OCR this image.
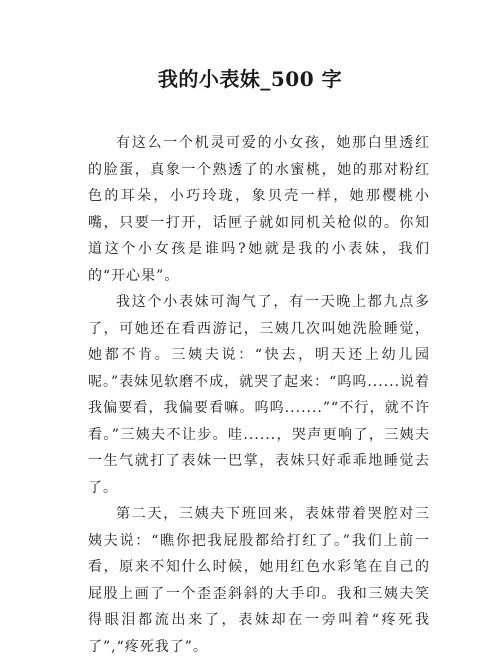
我的小表妹_500 字

有这么一个机灵可爱的小女孩，她那白里透红的脸蛋，真象一个熟透了的水蜜桃，她的那对粉红色的耳朵，小巧玲珑，象贝壳一样，她那樱桃小嘴，只要一打开，话匣子就如同机关枪似的。你知道这个小女孩是谁吗?她就是我的小表妹，我们的“开心果”。

我这个小表妹可淘气了，有一天晚上都九点多了，可她还在看西游记，三姨几次叫她洗脸睡觉，她都不肯。三姨夫说：“快去，明天还上幼儿园呢。”表妹见软磨不成，就哭了起来：“呜呜......说着我偏要看，我偏要看嘛。呜呜.......”“不行，就不许看。”三姨夫不让步。哇......，哭声更响了，三姨夫一生气就打了表妹一巴掌，表妹只好乖乖地睡觉去了。

第二天，三姨夫下班回来，表妹带着哭腔对三姨夫说：“瞧你把我屁股都给打红了。”我们上前一看，原来不知什么时候，她用红色水彩笔在自己的屁股上画了一个歪歪斜斜的大手印。我和三姨夫笑得眼泪都流出来了，表妹却在一旁叫着“疼死我了”,“疼死我了”。
